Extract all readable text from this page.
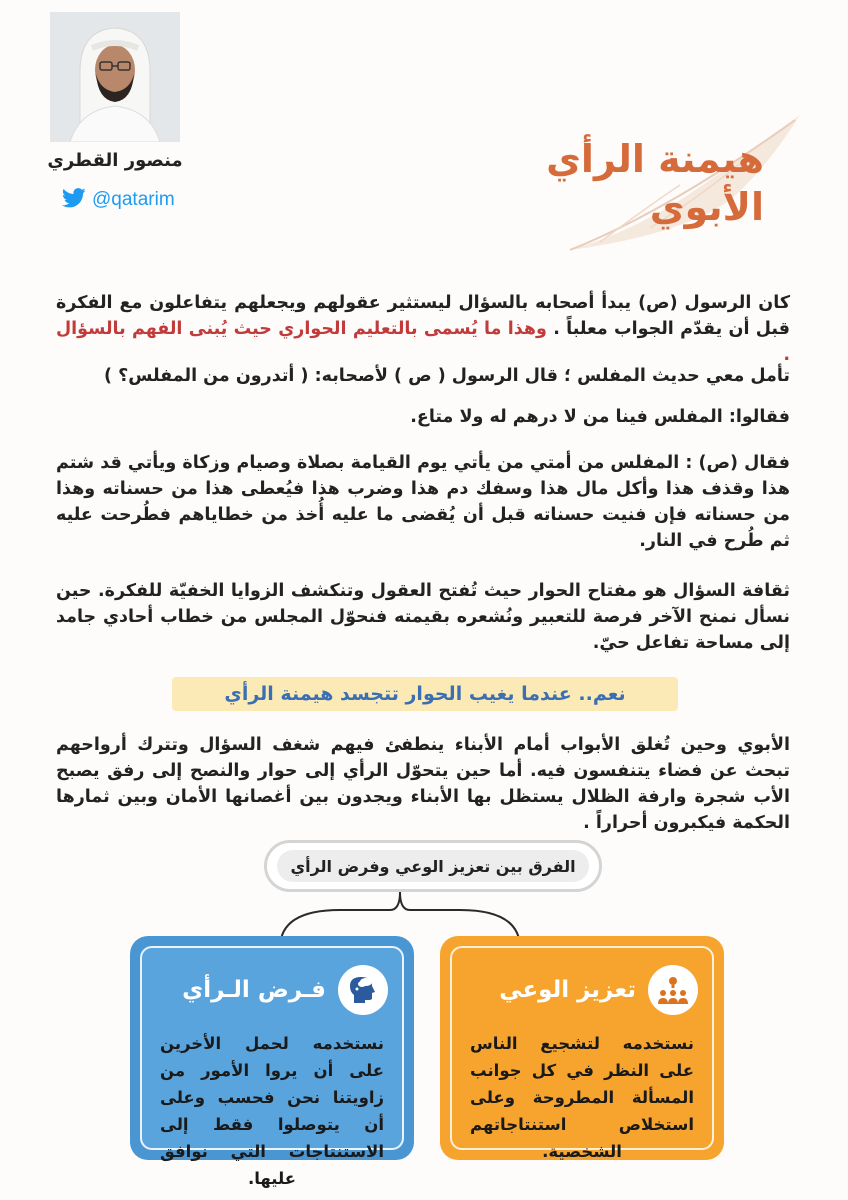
منصور القطري
@qatarim
هيمنة الرأي
الأبوي
كان الرسول (ص) يبدأ أصحابه بالسؤال ليستثير عقولهم ويجعلهم يتفاعلون مع الفكرة قبل أن يقدّم الجواب معلباً . وهذا ما يُسمى بالتعليم الحواري حيث يُبنى الفهم بالسؤال .
تأمل معي حديث المفلس ؛ قال الرسول ( ص ) لأصحابه: ( أتدرون من المفلس؟ )
فقالوا: المفلس فينا من لا درهم له ولا متاع.
فقال (ص) : المفلس من أمتي من يأتي يوم القيامة بصلاة وصيام وزكاة ويأتي قد شتم هذا وقذف هذا وأكل مال هذا وسفك دم هذا وضرب هذا فيُعطى هذا من حسناته وهذا من حسناته فإن فنيت حسناته قبل أن يُقضى ما عليه أُخذ من خطاياهم فطُرحت عليه ثم طُرح في النار.
ثقافة السؤال هو مفتاح الحوار حيث تُفتح العقول وتنكشف الزوايا الخفيّة للفكرة. حين نسأل نمنح الآخر فرصة للتعبير ونُشعره بقيمته فنحوّل المجلس من خطاب أحادي جامد إلى مساحة تفاعل حيّ.
نعم.. عندما يغيب الحوار تتجسد هيمنة الرأي
الأبوي وحين تُغلق الأبواب أمام الأبناء ينطفئ فيهم شغف السؤال وتترك أرواحهم تبحث عن فضاء يتنفسون فيه. أما حين يتحوّل الرأي إلى حوار والنصح إلى رفق يصبح الأب شجرة وارفة الظلال يستظل بها الأبناء ويجدون بين أغصانها الأمان وبين ثمارها الحكمة فيكبرون أحراراً .
الفرق بين تعزيز الوعي وفرض الرأي
فـرض الـرأي
نستخدمه لحمل الأخرين على أن يروا الأمور من زاويتنا نحن فحسب وعلى أن يتوصلوا فقط إلى الاستنتاجات التي نوافق عليها.
تعزيز الوعي
نستخدمه لتشجيع الناس على النظر في كل جوانب المسألة المطروحة وعلى استخلاص استنتاجاتهم الشخصية.
